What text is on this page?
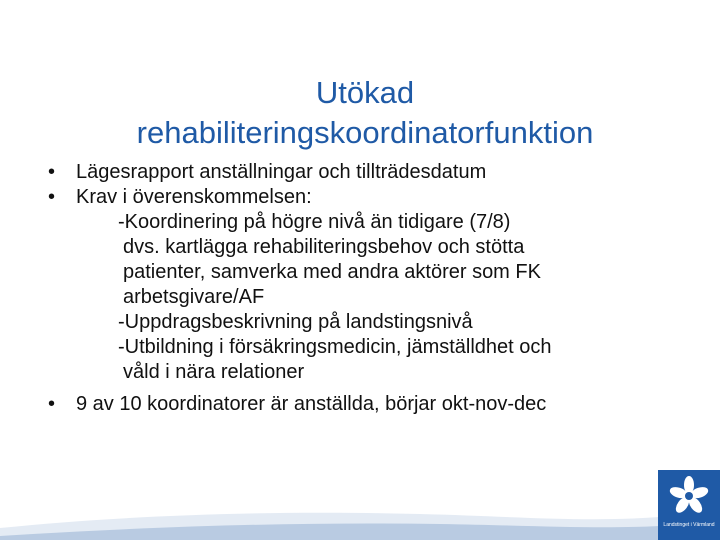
Utökad
rehabiliteringskoordinatorfunktion

• Lägesrapport anställningar och tillträdesdatum

• Krav i överenskommelsen:

-Koordinering på högre nivå än tidigare (7/8)

dvs. kartlägga rehabiliteringsbehov och stötta

patienter, samverka med andra aktörer som FK

arbetsgivare/AF

-Uppdragsbeskrivning på landstingsnivå

-Utbildning i försäkringsmedicin, jämställdhet och

våld i nära relationer

• 9 av 10 koordinatorer är anställda, börjar okt-nov-dec

Landstinget i Värmland
